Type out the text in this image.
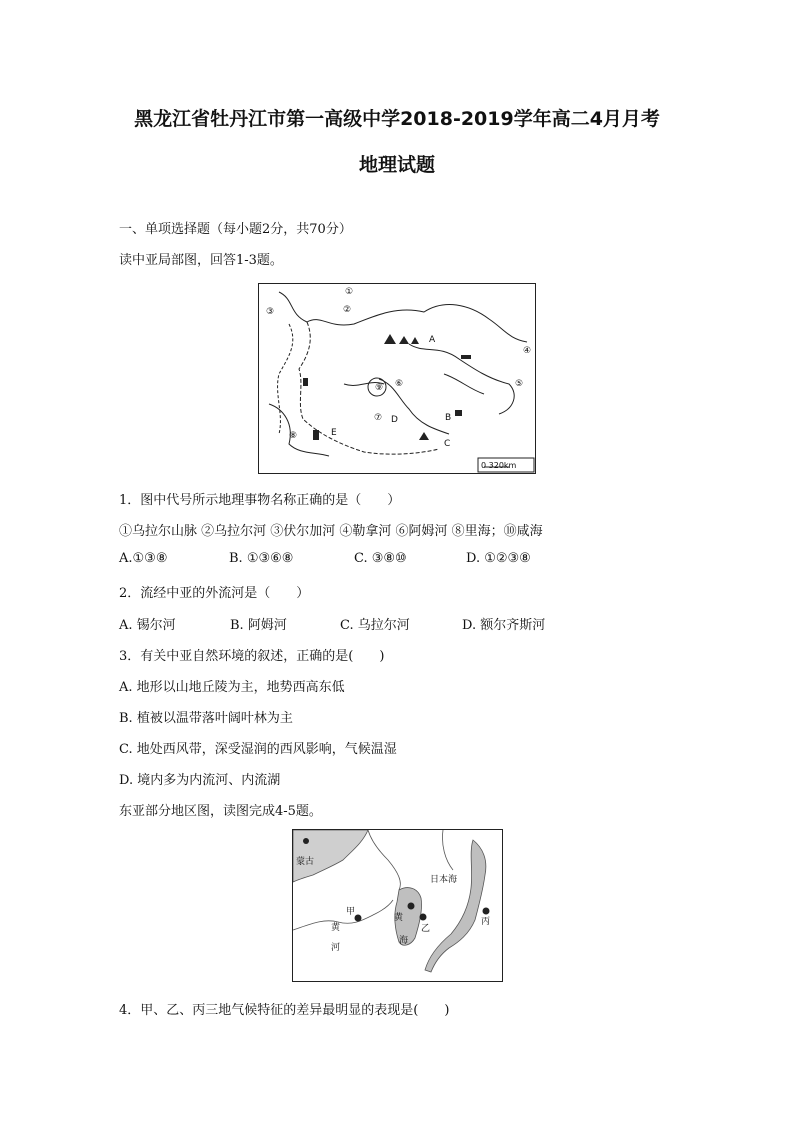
黑龙江省牡丹江市第一高级中学2018-2019学年高二4月月考
地理试题
一、单项选择题（每小题2分，共70分）
读中亚局部图，回答1-3题。
①
②
③
④
⑤
⑥
⑦
⑧
⑨
A
B
C
D
E
0 320km
1．图中代号所示地理事物名称正确的是（　　）
①乌拉尔山脉 ②乌拉尔河 ③伏尔加河 ④勒拿河 ⑥阿姆河 ⑧里海；⑩咸海
A.①③⑧	B. ①③⑥⑧	C. ③⑧⑩	D. ①②③⑧
2．流经中亚的外流河是（　　）
A. 锡尔河	B. 阿姆河	C. 乌拉尔河	D. 额尔齐斯河
3．有关中亚自然环境的叙述，正确的是(　　)
A. 地形以山地丘陵为主，地势西高东低
B. 植被以温带落叶阔叶林为主
C. 地处西风带，深受湿润的西风影响，气候温湿
D. 境内多为内流河、内流湖
东亚部分地区图，读图完成4-5题。
蒙古
日本海
甲
黄
河
黄
海
乙
丙
4．甲、乙、丙三地气候特征的差异最明显的表现是(　　)
